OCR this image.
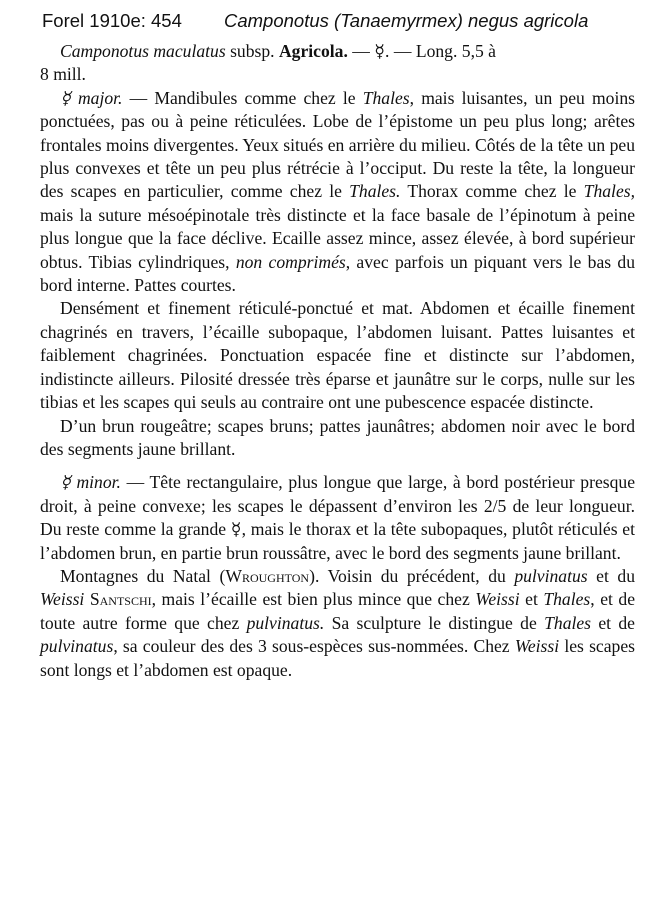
Forel 1910e: 454 Camponotus (Tanaemyrmex) negus agricola

Camponotus maculatus subsp. Agricola. — ☿. — Long. 5,5 à
8 mill.

☿ major. — Mandibules comme chez le Thales, mais luisantes, un peu moins ponctuées, pas ou à peine réticulées. Lobe de l’épistome un peu plus long; arêtes frontales moins divergentes. Yeux situés en arrière du milieu. Côtés de la tête un peu plus convexes et tête un peu plus rétrécie à l’occiput. Du reste la tête, la longueur des scapes en particulier, comme chez le Thales. Thorax comme chez le Thales, mais la suture mésoépinotale très distincte et la face basale de l’épinotum à peine plus longue que la face déclive. Ecaille assez mince, assez élevée, à bord supérieur obtus. Tibias cylindriques, non comprimés, avec parfois un piquant vers le bas du bord interne. Pattes courtes.

Densément et finement réticulé-ponctué et mat. Abdomen et écaille finement chagrinés en travers, l’écaille subopaque, l’abdomen luisant. Pattes luisantes et faiblement chagrinées. Ponctuation espacée fine et distincte sur l’abdomen, indistincte ailleurs. Pilosité dressée très éparse et jaunâtre sur le corps, nulle sur les tibias et les scapes qui seuls au contraire ont une pubescence espacée distincte.

D’un brun rougeâtre; scapes bruns; pattes jaunâtres; abdomen noir avec le bord des segments jaune brillant.

☿ minor. — Tête rectangulaire, plus longue que large, à bord postérieur presque droit, à peine convexe; les scapes le dépassent d’environ les 2/5 de leur longueur. Du reste comme la grande ☿, mais le thorax et la tête subopaques, plutôt réticulés et l’abdomen brun, en partie brun roussâtre, avec le bord des segments jaune brillant.

Montagnes du Natal (Wroughton). Voisin du précédent, du pulvinatus et du Weissi Santschi, mais l’écaille est bien plus mince que chez Weissi et Thales, et de toute autre forme que chez pulvinatus. Sa sculpture le distingue de Thales et de pulvinatus, sa couleur des des 3 sous-espèces sus-nommées. Chez Weissi les scapes sont longs et l’abdomen est opaque.
